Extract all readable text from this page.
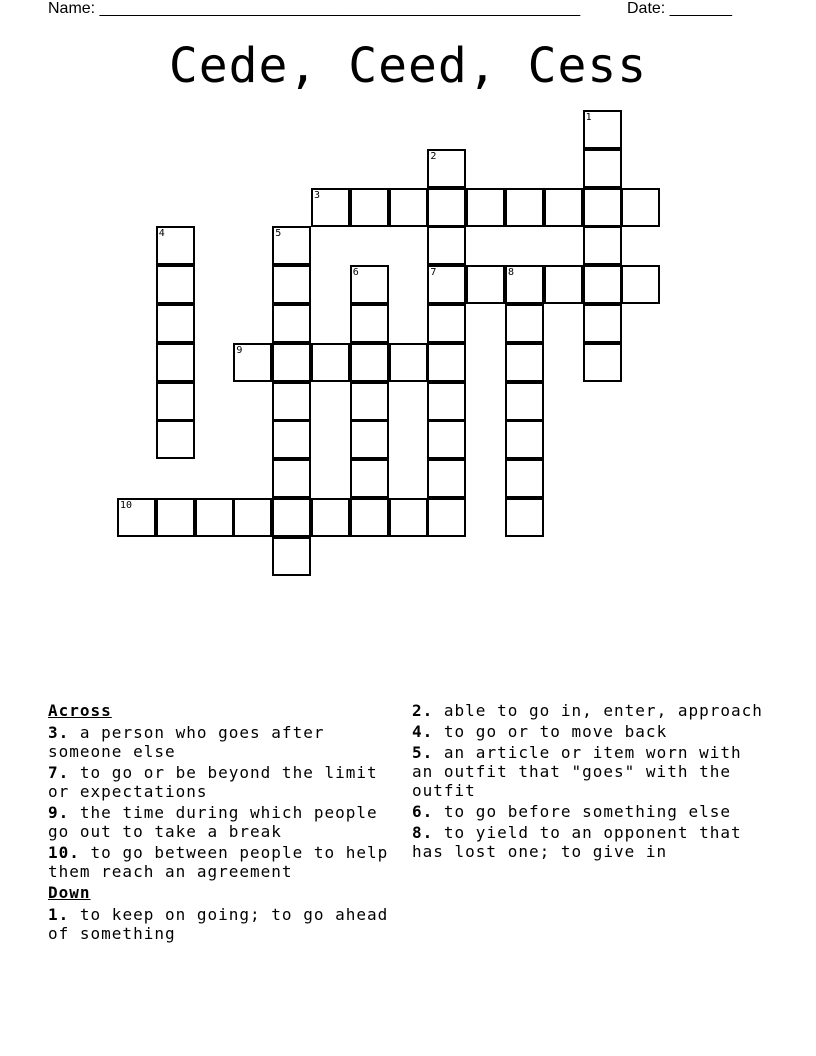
Name: ______________________________________________________	Date: _______
Cede, Ceed, Cess
1
2
3
4	5
6	7	8
9
10
Across
3. a person who goes after someone else
7. to go or be beyond the limit or expectations
9. the time during which people go out to take a break
10. to go between people to help them reach an agreement
Down
1. to keep on going; to go ahead of something
2. able to go in, enter, approach
4. to go or to move back
5. an article or item worn with an outfit that "goes" with the outfit
6. to go before something else
8. to yield to an opponent that has lost one; to give in
